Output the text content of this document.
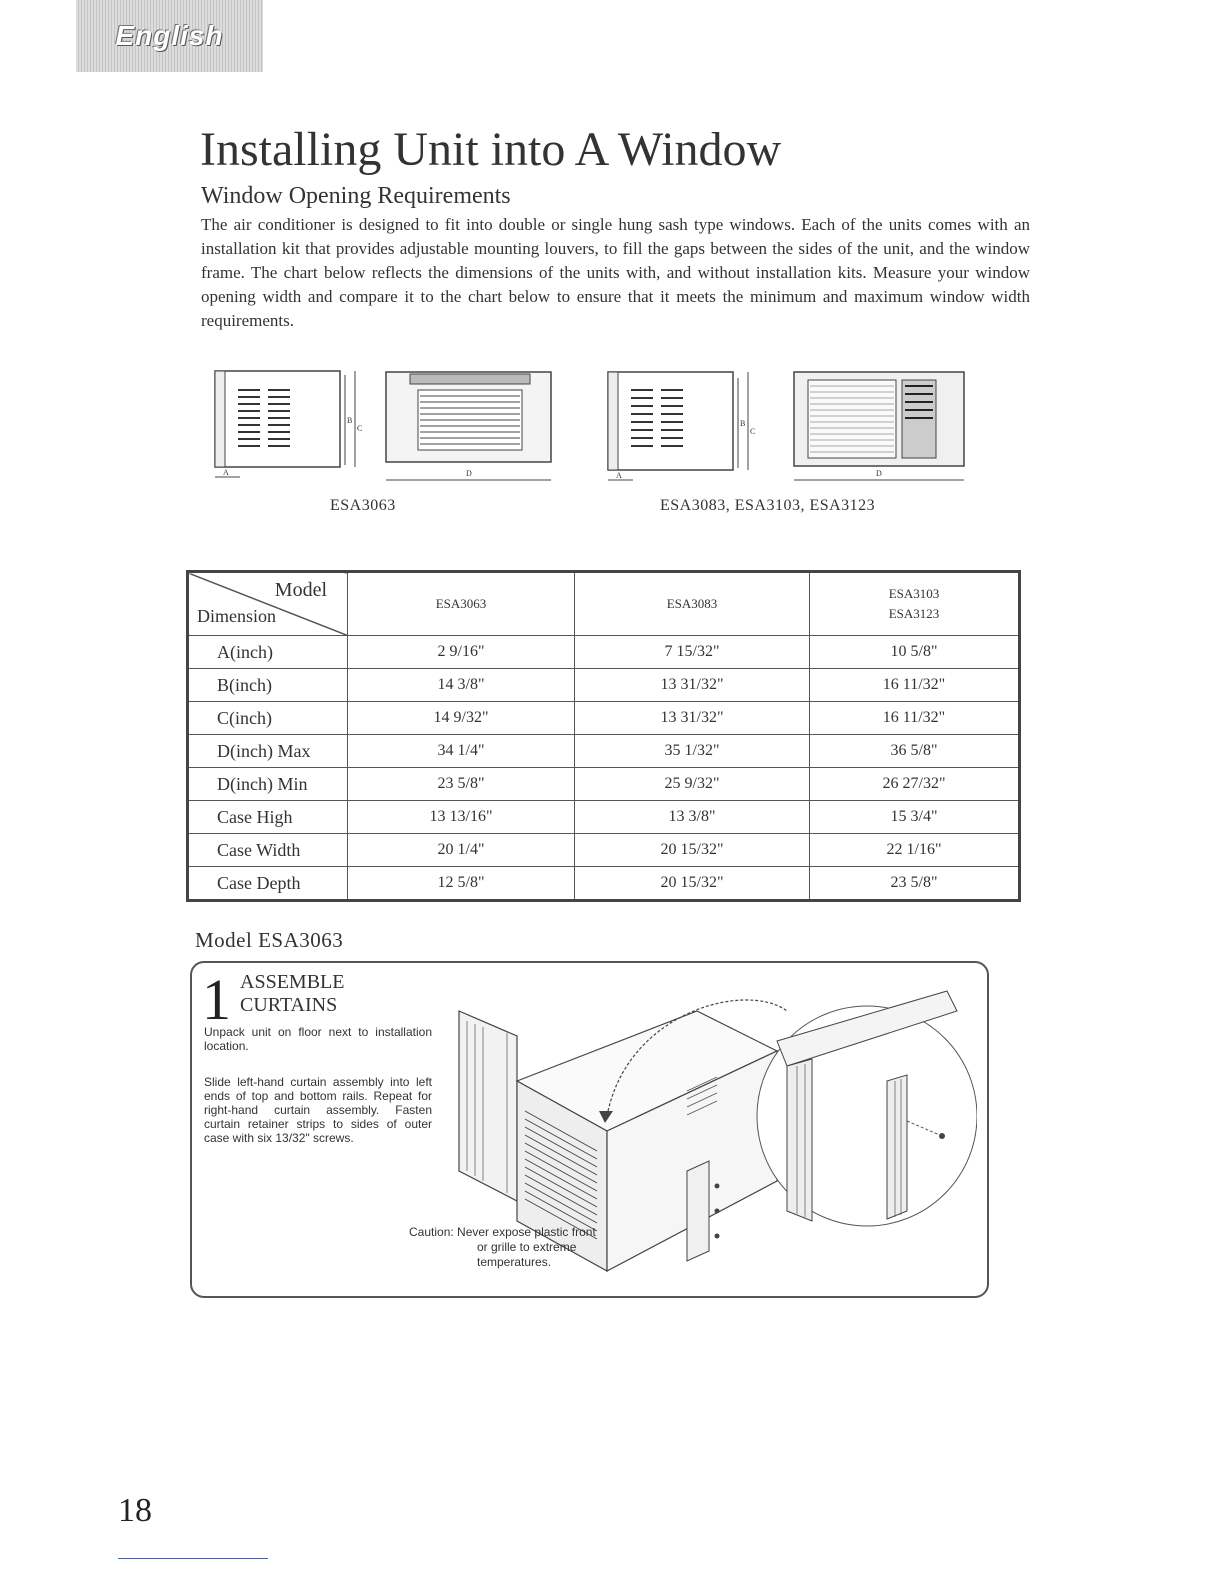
English
Installing Unit into A Window
Window Opening Requirements

The air conditioner is designed to fit into double or single hung sash type windows. Each of the units comes with an installation kit that provides adjustable mounting louvers, to fill the gaps between the sides of the unit, and the window frame. The chart below reflects the dimensions of the units with, and without installation kits. Measure your window opening width and compare it to the chart below to ensure that it meets the minimum and maximum window width requirements.

A
B
C
D	A
B
C
D
ESA3063	ESA3083, ESA3103, ESA3123
Model
Dimension	ESA3063	ESA3083	ESA3103
ESA3123
A(inch)	2 9/16"	7 15/32"	10 5/8"
B(inch)	14 3/8"	13 31/32"	16 11/32"
C(inch)	14 9/32"	13 31/32"	16 11/32"
D(inch) Max	34 1/4"	35 1/32"	36 5/8"
D(inch) Min	23 5/8"	25 9/32"	26 27/32"
Case High	13 13/16"	13 3/8"	15 3/4"
Case Width	20 1/4"	20 15/32"	22 1/16"
Case Depth	12 5/8"	20 15/32"	23 5/8"
Model ESA3063
1 ASSEMBLE
CURTAINS
Unpack unit on floor next to installation location.
Slide left-hand curtain assembly into left ends of top and bottom rails. Repeat for right-hand curtain assembly. Fasten curtain retainer strips to sides of outer case with six 13/32" screws.
Caution: Never expose plastic front
or grille to extreme
temperatures.
18
